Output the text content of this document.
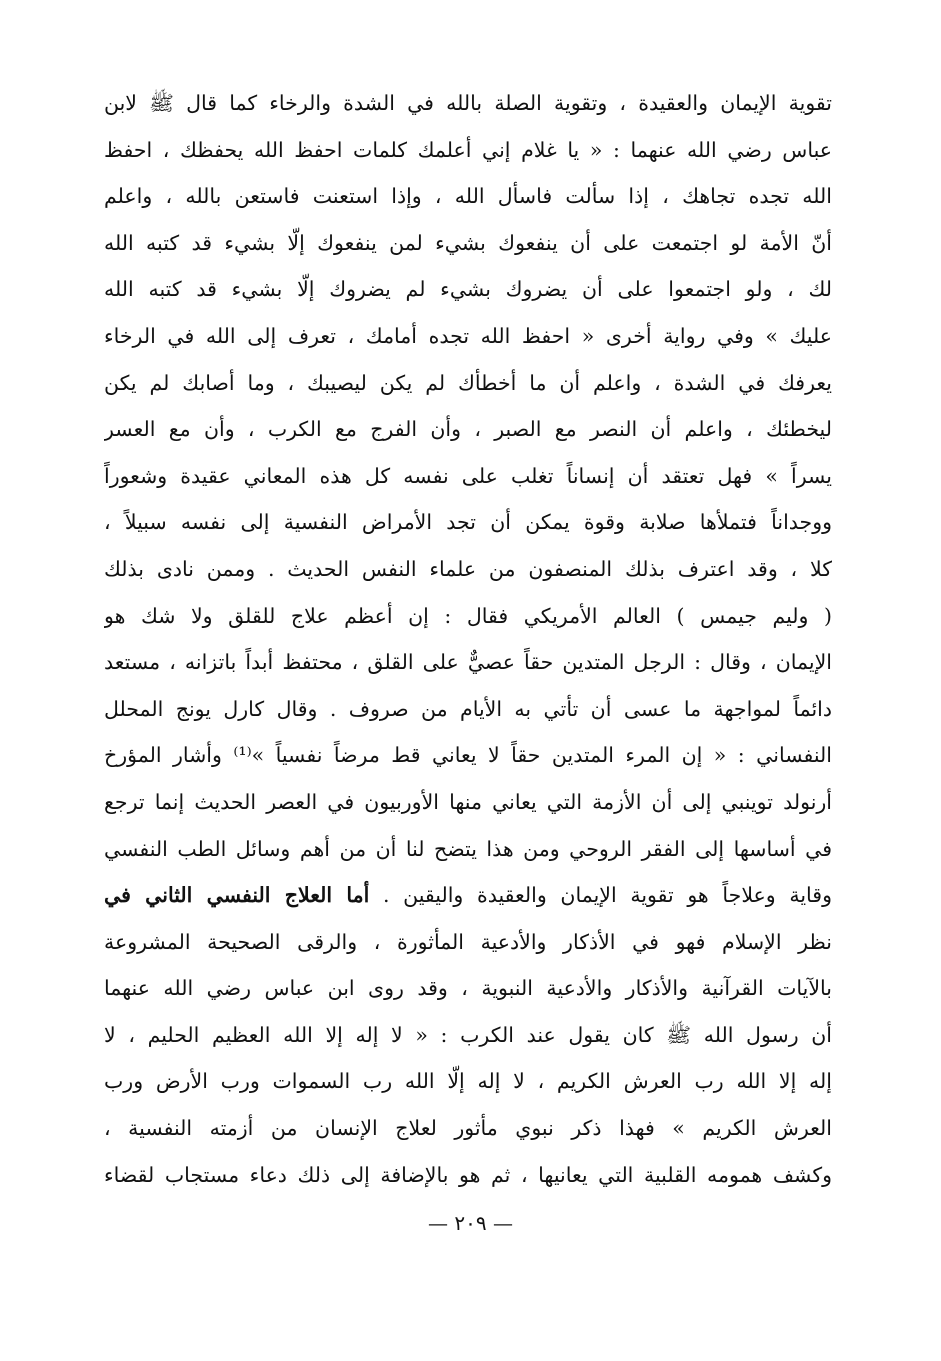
تقوية الإيمان والعقيدة ، وتقوية الصلة بالله في الشدة والرخاء كما قال ﷺ لابن
عباس رضي الله عنهما : « يا غلام إني أعلمك كلمات احفظ الله يحفظك ، احفظ
الله تجده تجاهك ، إذا سألت فاسأل الله ، وإذا استعنت فاستعن بالله ، واعلم
أنّ الأمة لو اجتمعت على أن ينفعوك بشيء لمن ينفعوك إلّا بشيء قد كتبه الله
لك ، ولو اجتمعوا على أن يضروك بشيء لم يضروك إلّا بشيء قد كتبه الله
عليك » وفي رواية أخرى « احفظ الله تجده أمامك ، تعرف إلى الله في الرخاء
يعرفك في الشدة ، واعلم أن ما أخطأك لم يكن ليصيبك ، وما أصابك لم يكن
ليخطئك ، واعلم أن النصر مع الصبر ، وأن الفرج مع الكرب ، وأن مع العسر
يسراً » فهل تعتقد أن إنساناً تغلب على نفسه كل هذه المعاني عقيدة وشعوراً
ووجداناً فتملأها صلابة وقوة يمكن أن تجد الأمراض النفسية إلى نفسه سبيلاً ،
كلا ، وقد اعترف بذلك المنصفون من علماء النفس الحديث . وممن نادى بذلك
( وليم جيمس ) العالم الأمريكي فقال : إن أعظم علاج للقلق ولا شك هو
الإيمان ، وقال : الرجل المتدين حقاً عصيٌّ على القلق ، محتفظ أبداً باتزانه ، مستعد
دائماً لمواجهة ما عسى أن تأتي به الأيام من صروف . وقال كارل يونج المحلل
النفساني : « إن المرء المتدين حقاً لا يعاني قط مرضاً نفسياً »⁽¹⁾ وأشار المؤرخ
أرنولد توينبي إلى أن الأزمة التي يعاني منها الأوربيون في العصر الحديث إنما ترجع
في أساسها إلى الفقر الروحي ومن هذا يتضح لنا أن من أهم وسائل الطب النفسي
وقاية وعلاجاً هو تقوية الإيمان والعقيدة واليقين . أما العلاج النفسي الثاني في
نظر الإسلام فهو في الأذكار والأدعية المأثورة ، والرقى الصحيحة المشروعة
بالآيات القرآنية والأذكار والأدعية النبوية ، وقد روى ابن عباس رضي الله عنهما
أن رسول الله ﷺ كان يقول عند الكرب : « لا إله إلا الله العظيم الحليم ، لا
إله إلا الله رب العرش الكريم ، لا إله إلّا الله رب السموات ورب الأرض ورب
العرش الكريم » فهذا ذكر نبوي مأثور لعلاج الإنسان من أزمته النفسية ،
وكشف همومه القلبية التي يعانيها ، ثم هو بالإضافة إلى ذلك دعاء مستجاب لقضاء
— ٢٠٩ —
